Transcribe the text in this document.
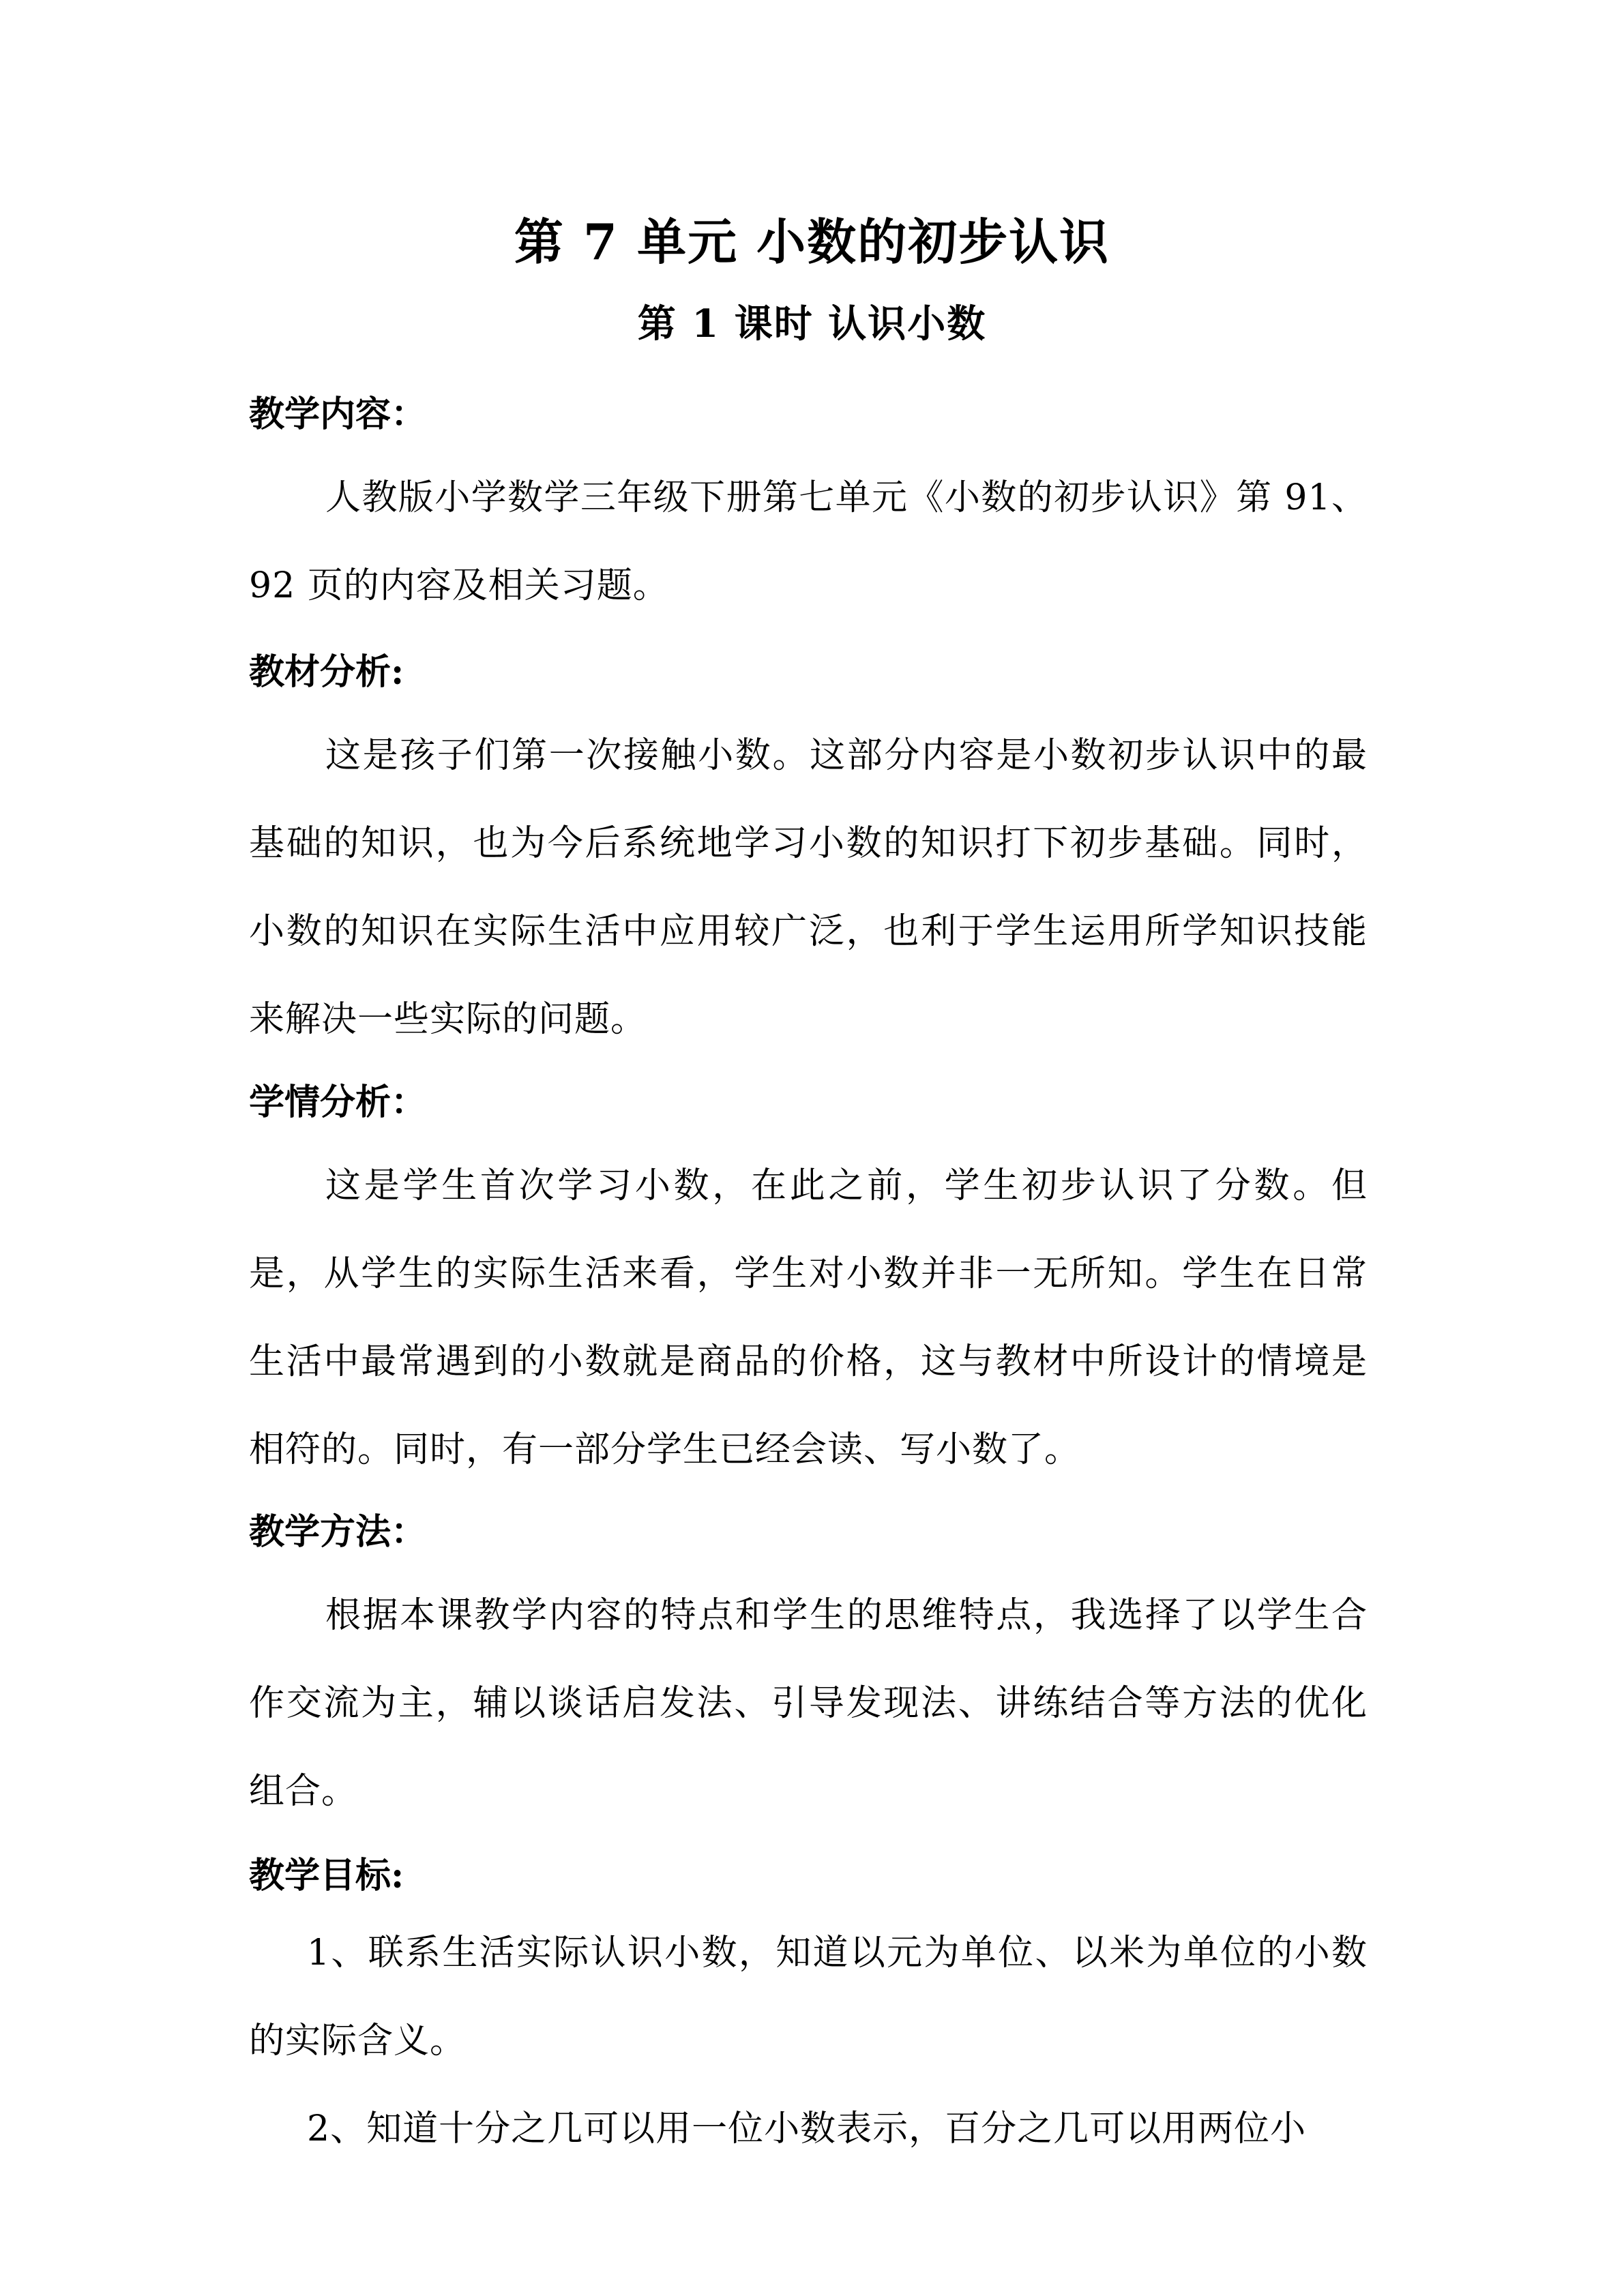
第 7 单元 小数的初步认识
第 1 课时 认识小数
教学内容：
人教版小学数学三年级下册第七单元《小数的初步认识》第 91、92 页的内容及相关习题。
教材分析:
这是孩子们第一次接触小数。这部分内容是小数初步认识中的最基础的知识，也为今后系统地学习小数的知识打下初步基础。同时，小数的知识在实际生活中应用较广泛，也利于学生运用所学知识技能来解决一些实际的问题。
学情分析：
这是学生首次学习小数，在此之前，学生初步认识了分数。但是，从学生的实际生活来看，学生对小数并非一无所知。学生在日常生活中最常遇到的小数就是商品的价格，这与教材中所设计的情境是相符的。同时，有一部分学生已经会读、写小数了。
教学方法：
根据本课教学内容的特点和学生的思维特点，我选择了以学生合作交流为主，辅以谈话启发法、引导发现法、讲练结合等方法的优化组合。
教学目标:
1、联系生活实际认识小数，知道以元为单位、以米为单位的小数的实际含义。
2、知道十分之几可以用一位小数表示，百分之几可以用两位小
